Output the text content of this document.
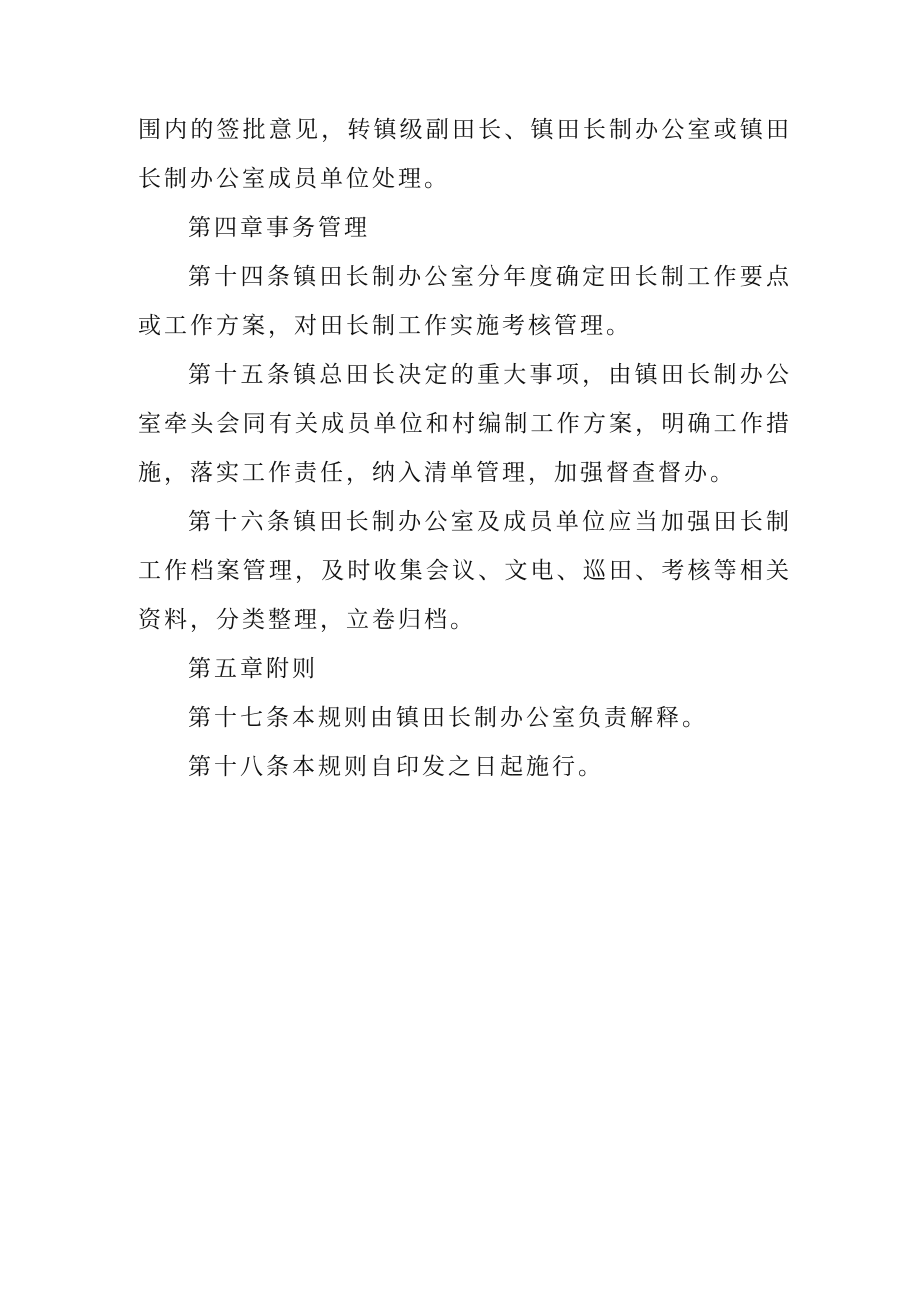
围内的签批意见，转镇级副田长、镇田长制办公室或镇田长制办公室成员单位处理。

第四章事务管理

第十四条镇田长制办公室分年度确定田长制工作要点或工作方案，对田长制工作实施考核管理。

第十五条镇总田长决定的重大事项，由镇田长制办公室牵头会同有关成员单位和村编制工作方案，明确工作措施，落实工作责任，纳入清单管理，加强督查督办。

第十六条镇田长制办公室及成员单位应当加强田长制工作档案管理，及时收集会议、文电、巡田、考核等相关资料，分类整理，立卷归档。

第五章附则

第十七条本规则由镇田长制办公室负责解释。

第十八条本规则自印发之日起施行。
